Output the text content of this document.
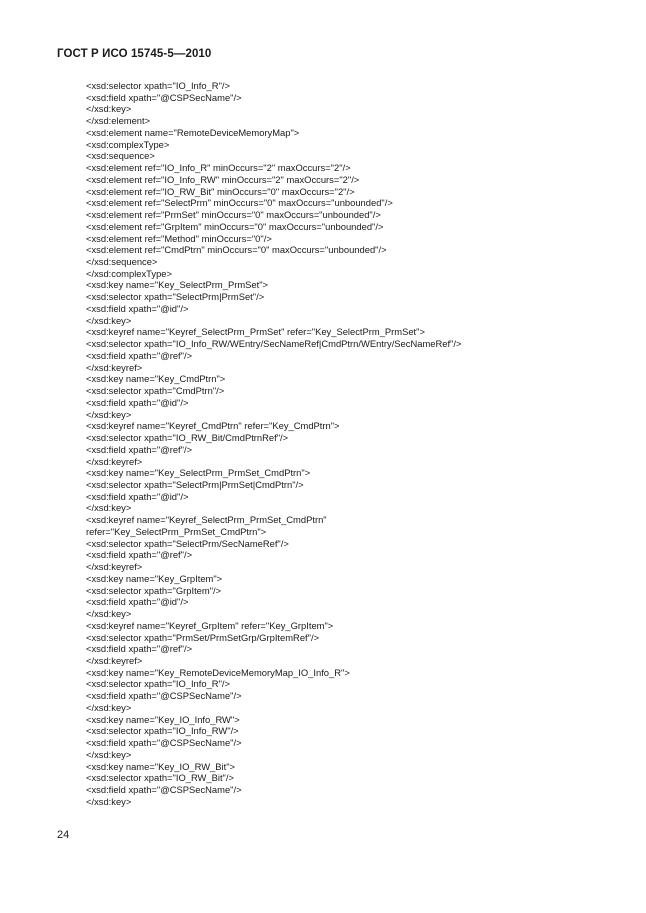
ГОСТ Р ИСО 15745-5—2010
<xsd:selector xpath="IO_Info_R"/>
<xsd:field xpath="@CSPSecName"/>
</xsd:key>
</xsd:element>
<xsd:element name="RemoteDeviceMemoryMap">
<xsd:complexType>
<xsd:sequence>
<xsd:element ref="IO_Info_R" minOccurs="2" maxOccurs="2"/>
<xsd:element ref="IO_Info_RW" minOccurs="2" maxOccurs="2"/>
<xsd:element ref="IO_RW_Bit" minOccurs="0" maxOccurs="2"/>
<xsd:element ref="SelectPrm" minOccurs="0" maxOccurs="unbounded"/>
<xsd:element ref="PrmSet" minOccurs="0" maxOccurs="unbounded"/>
<xsd:element ref="GrpItem" minOccurs="0" maxOccurs="unbounded"/>
<xsd:element ref="Method" minOccurs="0"/>
<xsd:element ref="CmdPtrn" minOccurs="0" maxOccurs="unbounded"/>
</xsd:sequence>
</xsd:complexType>
<xsd:key name="Key_SelectPrm_PrmSet">
<xsd:selector xpath="SelectPrm|PrmSet"/>
<xsd:field xpath="@id"/>
</xsd:key>
<xsd:keyref name="Keyref_SelectPrm_PrmSet" refer="Key_SelectPrm_PrmSet">
<xsd:selector xpath="IO_Info_RW/WEntry/SecNameRef|CmdPtrn/WEntry/SecNameRef"/>
<xsd:field xpath="@ref"/>
</xsd:keyref>
<xsd:key name="Key_CmdPtrn">
<xsd:selector xpath="CmdPtrn"/>
<xsd:field xpath="@id"/>
</xsd:key>
<xsd:keyref name="Keyref_CmdPtrn" refer="Key_CmdPtrn">
<xsd:selector xpath="IO_RW_Bit/CmdPtrnRef"/>
<xsd:field xpath="@ref"/>
</xsd:keyref>
<xsd:key name="Key_SelectPrm_PrmSet_CmdPtrn">
<xsd:selector xpath="SelectPrm|PrmSet|CmdPtrn"/>
<xsd:field xpath="@id"/>
</xsd:key>
<xsd:keyref name="Keyref_SelectPrm_PrmSet_CmdPtrn"
refer="Key_SelectPrm_PrmSet_CmdPtrn">
<xsd:selector xpath="SelectPrm/SecNameRef"/>
<xsd:field xpath="@ref"/>
</xsd:keyref>
<xsd:key name="Key_GrpItem">
<xsd:selector xpath="GrpItem"/>
<xsd:field xpath="@id"/>
</xsd:key>
<xsd:keyref name="Keyref_GrpItem" refer="Key_GrpItem">
<xsd:selector xpath="PrmSet/PrmSetGrp/GrpItemRef"/>
<xsd:field xpath="@ref"/>
</xsd:keyref>
<xsd:key name="Key_RemoteDeviceMemoryMap_IO_Info_R">
<xsd:selector xpath="IO_Info_R"/>
<xsd:field xpath="@CSPSecName"/>
</xsd:key>
<xsd:key name="Key_IO_Info_RW">
<xsd:selector xpath="IO_Info_RW"/>
<xsd:field xpath="@CSPSecName"/>
</xsd:key>
<xsd:key name="Key_IO_RW_Bit">
<xsd:selector xpath="IO_RW_Bit"/>
<xsd:field xpath="@CSPSecName"/>
</xsd:key>
24
